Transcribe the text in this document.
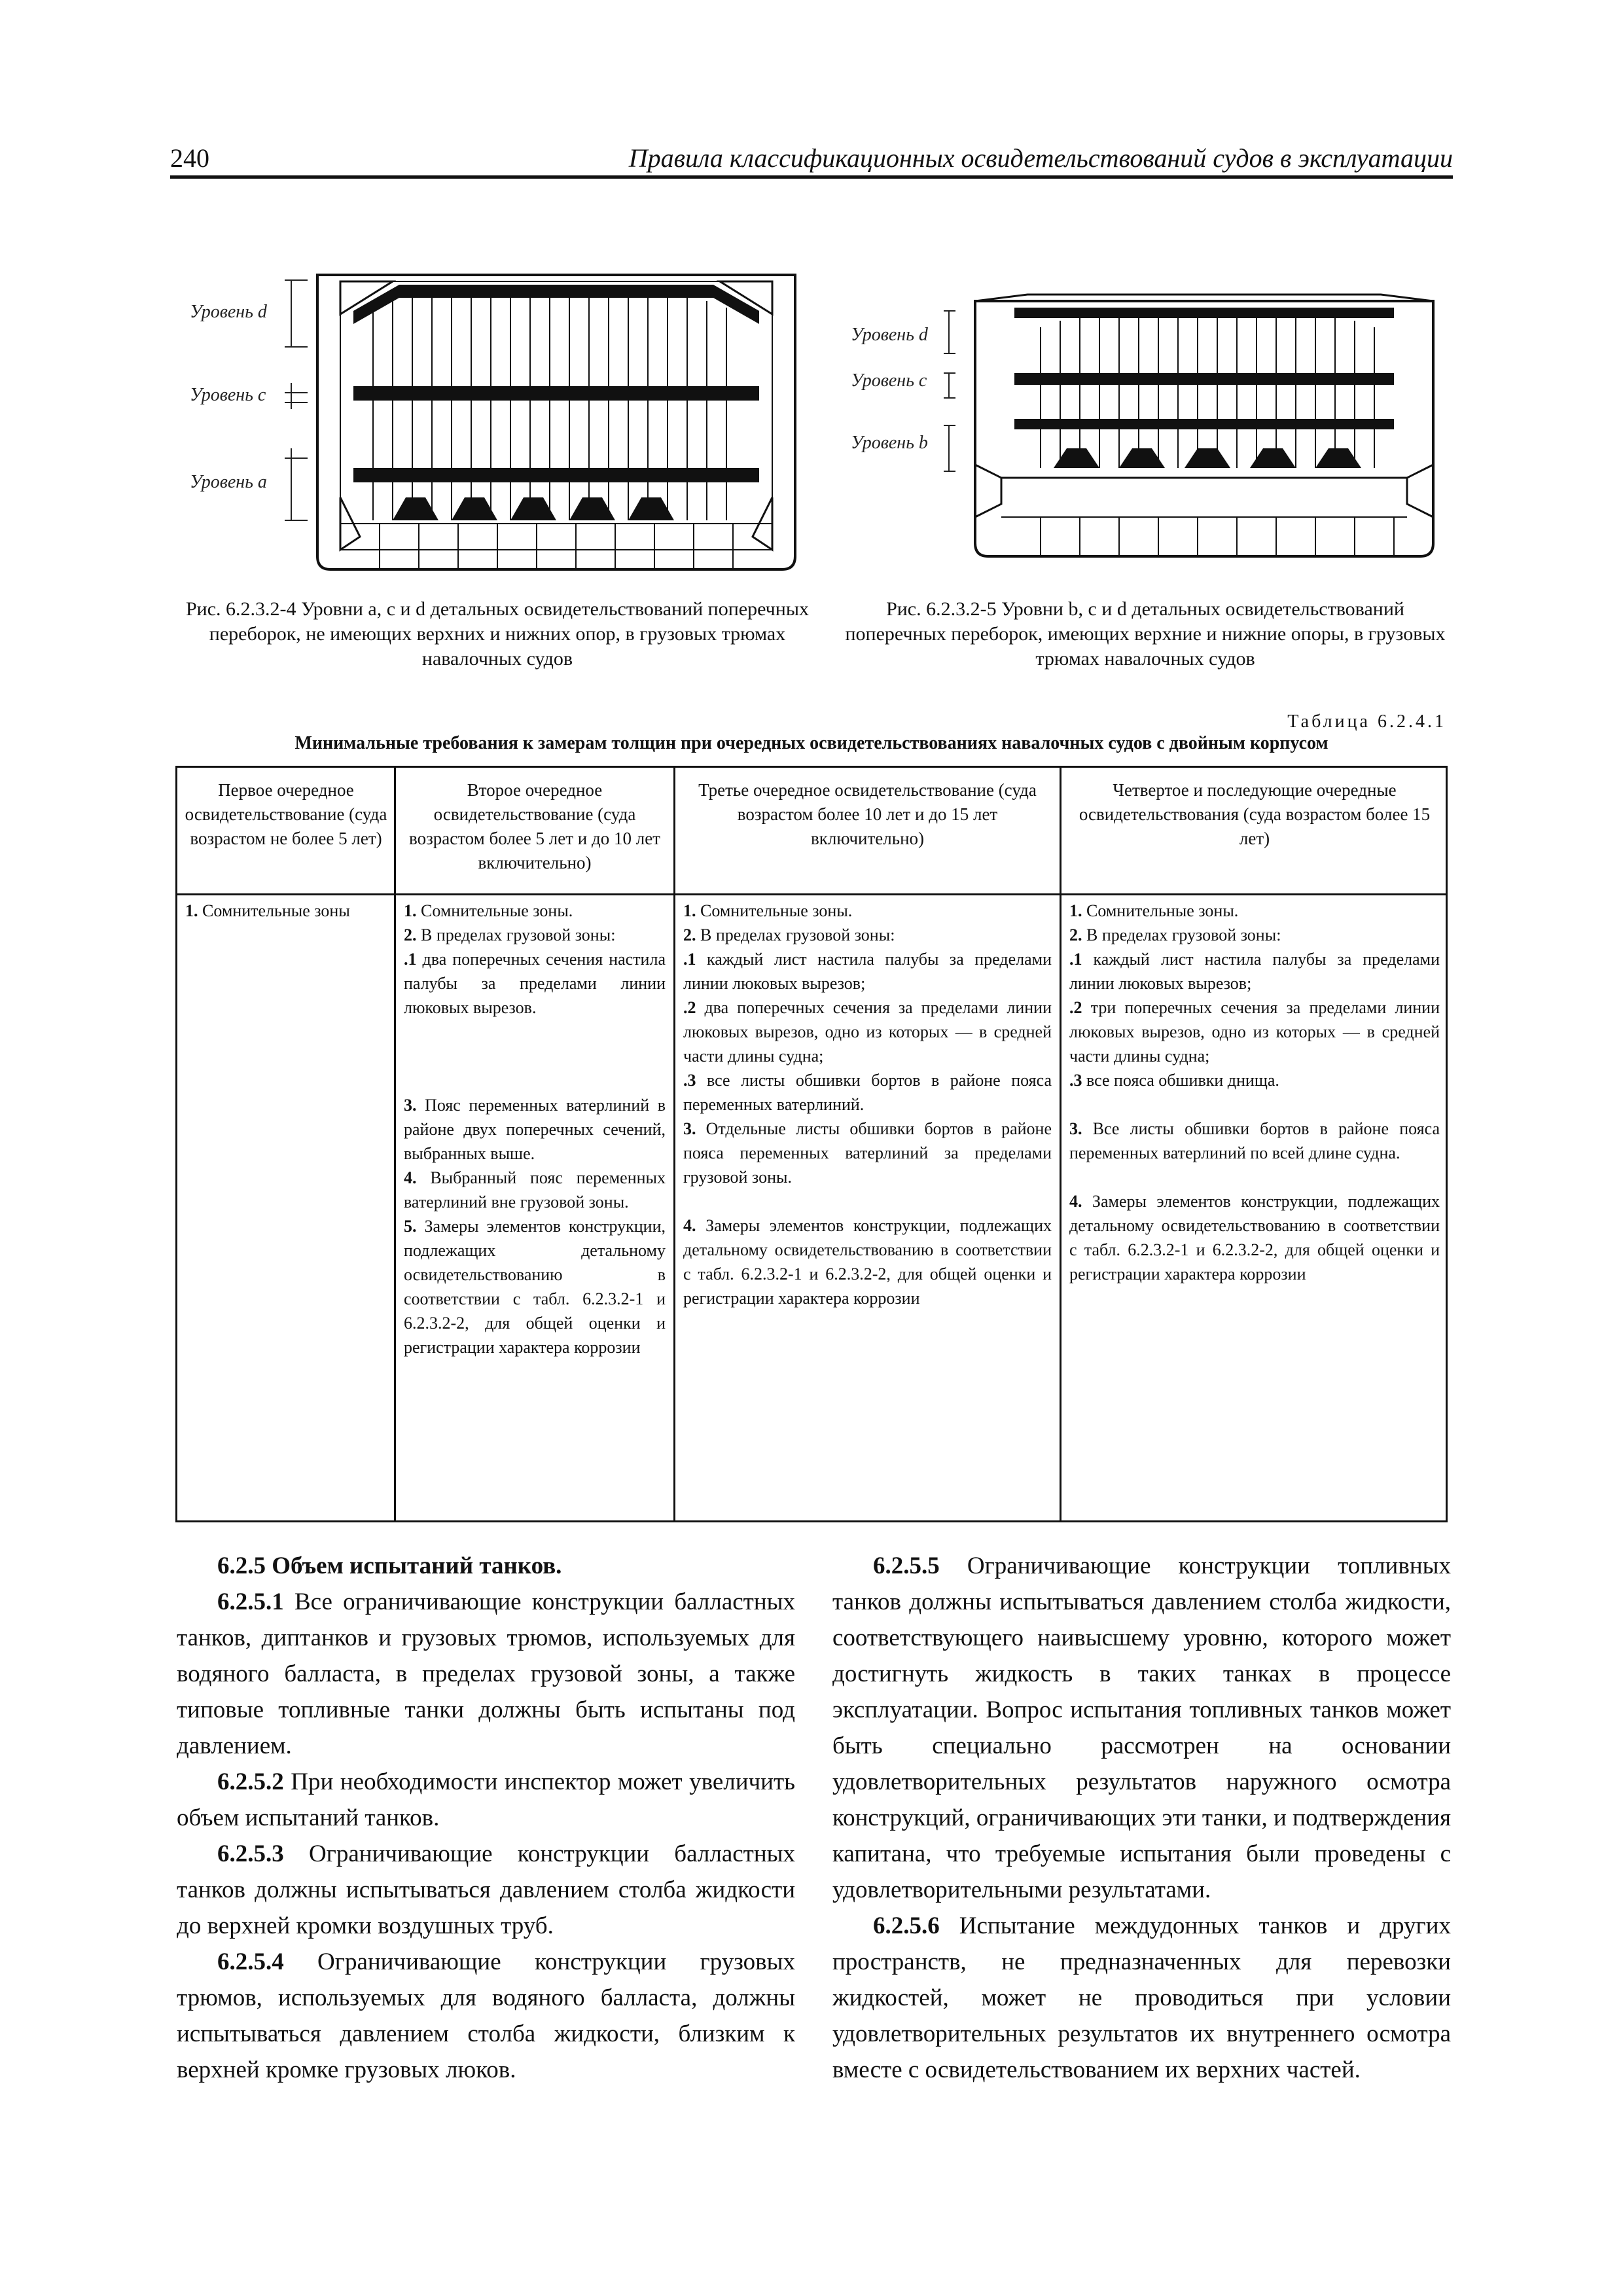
240	Правила классификационных освидетельствований судов в эксплуатации
Уровень d
Уровень c
Уровень a
Рис. 6.2.3.2-4 Уровни a, c и d детальных освидетельствований поперечных переборок, не имеющих верхних и нижних опор, в грузовых трюмах навалочных судов
Уровень d
Уровень c
Уровень b
Рис. 6.2.3.2-5 Уровни b, c и d детальных освидетельствований поперечных переборок, имеющих верхние и нижние опоры, в грузовых трюмах навалочных судов
Таблица 6.2.4.1
Минимальные требования к замерам толщин при очередных освидетельствованиях навалочных судов с двойным корпусом
Первое очередное освидетельствование (суда возрастом не более 5 лет)
Второе очередное освидетельствование (суда возрастом более 5 лет и до 10 лет включительно)
Третье очередное освидетельствование (суда возрастом более 10 лет и до 15 лет включительно)
Четвертое и последующие очередные освидетельствования (суда возрастом более 15 лет)

1. Сомнительные зоны	1. Сомнительные зоны.

2. В пределах грузовой зоны:

.1 два поперечных сечения настила палубы за пределами линии люковых вырезов.

3. Пояс переменных ватерлиний в районе двух поперечных сечений, выбранных выше.

4. Выбранный пояс переменных ватерлиний вне грузовой зоны.

5. Замеры элементов конструкции, подлежащих детальному освидетельствованию в соответствии с табл. 6.2.3.2-1 и 6.2.3.2-2, для общей оценки и регистрации характера коррозии

1. Сомнительные зоны.

2. В пределах грузовой зоны:

.1 каждый лист настила палубы за пределами линии люковых вырезов;

.2 два поперечных сечения за пределами линии люковых вырезов, одно из которых — в средней части длины судна;

.3 все листы обшивки бортов в районе пояса переменных ватерлиний.

3. Отдельные листы обшивки бортов в районе пояса переменных ватерлиний за пределами грузовой зоны.

4. Замеры элементов конструкции, подлежащих детальному освидетельствованию в соответствии с табл. 6.2.3.2-1 и 6.2.3.2-2, для общей оценки и регистрации характера коррозии

1. Сомнительные зоны.

2. В пределах грузовой зоны:

.1 каждый лист настила палубы за пределами линии люковых вырезов;

.2 три поперечных сечения за пределами линии люковых вырезов, одно из которых — в средней части длины судна;

.3 все пояса обшивки днища.

3. Все листы обшивки бортов в районе пояса переменных ватерлиний по всей длине судна.

4. Замеры элементов конструкции, подлежащих детальному освидетельствованию в соответствии с табл. 6.2.3.2-1 и 6.2.3.2-2, для общей оценки и регистрации характера коррозии

6.2.5 Объем испытаний танков.

6.2.5.1 Все ограничивающие конструкции балластных танков, диптанков и грузовых трюмов, используемых для водяного балласта, в пределах грузовой зоны, а также типовые топливные танки должны быть испытаны под давлением.

6.2.5.2 При необходимости инспектор может увеличить объем испытаний танков.

6.2.5.3 Ограничивающие конструкции балластных танков должны испытываться давлением столба жидкости до верхней кромки воздушных труб.

6.2.5.4 Ограничивающие конструкции грузовых трюмов, используемых для водяного балласта, должны испытываться давлением столба жидкости, близким к верхней кромке грузовых люков.

6.2.5.5 Ограничивающие конструкции топливных танков должны испытываться давлением столба жидкости, соответствующего наивысшему уровню, которого может достигнуть жидкость в таких танках в процессе эксплуатации. Вопрос испытания топливных танков может быть специально рассмотрен на основании удовлетворительных результатов наружного осмотра конструкций, ограничивающих эти танки, и подтверждения капитана, что требуемые испытания были проведены с удовлетворительными результатами.

6.2.5.6 Испытание междудонных танков и других пространств, не предназначенных для перевозки жидкостей, может не проводиться при условии удовлетворительных результатов их внутреннего осмотра вместе с освидетельствованием их верхних частей.
